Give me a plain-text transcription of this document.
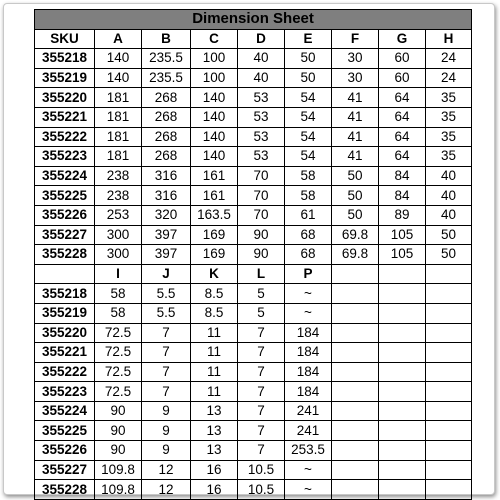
Dimension Sheet								
SKU	A	B	C	D	E	F	G	H
355218	140	235.5	100	40	50	30	60	24
355219	140	235.5	100	40	50	30	60	24
355220	181	268	140	53	54	41	64	35
355221	181	268	140	53	54	41	64	35
355222	181	268	140	53	54	41	64	35
355223	181	268	140	53	54	41	64	35
355224	238	316	161	70	58	50	84	40
355225	238	316	161	70	58	50	84	40
355226	253	320	163.5	70	61	50	89	40
355227	300	397	169	90	68	69.8	105	50
355228	300	397	169	90	68	69.8	105	50
	I	J	K	L	P			
355218	58	5.5	8.5	5	~			
355219	58	5.5	8.5	5	~			
355220	72.5	7	11	7	184			
355221	72.5	7	11	7	184			
355222	72.5	7	11	7	184			
355223	72.5	7	11	7	184			
355224	90	9	13	7	241			
355225	90	9	13	7	241			
355226	90	9	13	7	253.5			
355227	109.8	12	16	10.5	~			
355228	109.8	12	16	10.5	~			
